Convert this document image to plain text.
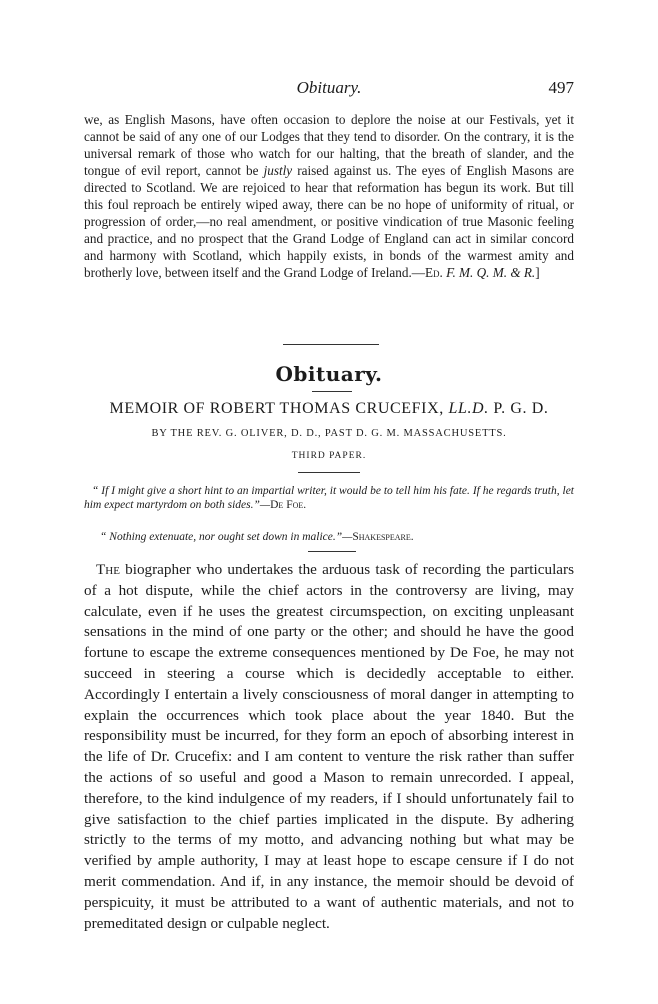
Obituary.	497

we, as English Masons, have often occasion to deplore the noise at our Festivals, yet it cannot be said of any one of our Lodges that they tend to disorder. On the contrary, it is the universal remark of those who watch for our halting, that the breath of slander, and the tongue of evil report, cannot be justly raised against us. The eyes of English Masons are directed to Scotland. We are rejoiced to hear that reformation has begun its work. But till this foul reproach be entirely wiped away, there can be no hope of uniformity of ritual, or progression of order,—no real amendment, or positive vindication of true Masonic feeling and practice, and no prospect that the Grand Lodge of England can act in similar concord and harmony with Scotland, which happily exists, in bonds of the warmest amity and brotherly love, between itself and the Grand Lodge of Ireland.—Ed. F. M. Q. M. & R.]

Obituary.
MEMOIR OF ROBERT THOMAS CRUCEFIX, LL.D. P. G. D.
BY THE REV. G. OLIVER, D. D., PAST D. G. M. MASSACHUSETTS.
THIRD PAPER.

“ If I might give a short hint to an impartial writer, it would be to tell him his fate. If he regards truth, let him expect martyrdom on both sides.”—De Foe.

“ Nothing extenuate, nor ought set down in malice.”—Shakespeare.

The biographer who undertakes the arduous task of recording the particulars of a hot dispute, while the chief actors in the controversy are living, may calculate, even if he uses the greatest circumspection, on exciting unpleasant sensations in the mind of one party or the other; and should he have the good fortune to escape the extreme consequences mentioned by De Foe, he may not succeed in steering a course which is decidedly acceptable to either. Accordingly I entertain a lively consciousness of moral danger in attempting to explain the occurrences which took place about the year 1840. But the responsibility must be incurred, for they form an epoch of absorbing interest in the life of Dr. Crucefix: and I am content to venture the risk rather than suffer the actions of so useful and good a Mason to remain unrecorded. I appeal, therefore, to the kind indulgence of my readers, if I should unfortunately fail to give satisfaction to the chief parties implicated in the dispute. By adhering strictly to the terms of my motto, and advancing nothing but what may be verified by ample authority, I may at least hope to escape censure if I do not merit commendation. And if, in any instance, the memoir should be devoid of perspicuity, it must be attributed to a want of authentic materials, and not to premeditated design or culpable neglect.
